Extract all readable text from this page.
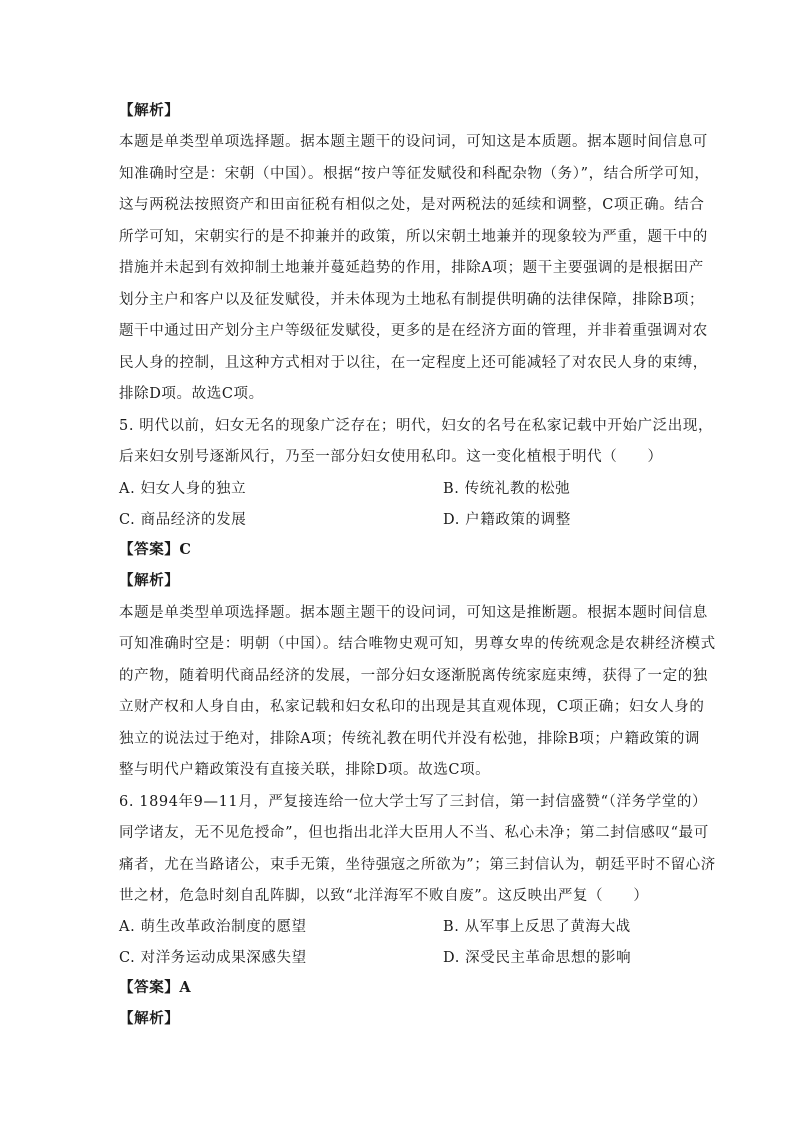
【解析】
本题是单类型单项选择题。据本题主题干的设问词，可知这是本质题。据本题时间信息可
知准确时空是：宋朝（中国）。根据“按户等征发赋役和科配杂物（务）”，结合所学可知，
这与两税法按照资产和田亩征税有相似之处，是对两税法的延续和调整，C项正确。结合
所学可知，宋朝实行的是不抑兼并的政策，所以宋朝土地兼并的现象较为严重，题干中的
措施并未起到有效抑制土地兼并蔓延趋势的作用，排除A项；题干主要强调的是根据田产
划分主户和客户以及征发赋役，并未体现为土地私有制提供明确的法律保障，排除B项；
题干中通过田产划分主户等级征发赋役，更多的是在经济方面的管理，并非着重强调对农
民人身的控制，且这种方式相对于以往，在一定程度上还可能减轻了对农民人身的束缚，
排除D项。故选C项。
5. 明代以前，妇女无名的现象广泛存在；明代，妇女的名号在私家记载中开始广泛出现，
后来妇女别号逐渐风行，乃至一部分妇女使用私印。这一变化植根于明代（　　）
A. 妇女人身的独立	B. 传统礼教的松弛
C. 商品经济的发展	D. 户籍政策的调整
【答案】C
【解析】
本题是单类型单项选择题。据本题主题干的设问词，可知这是推断题。根据本题时间信息
可知准确时空是：明朝（中国）。结合唯物史观可知，男尊女卑的传统观念是农耕经济模式
的产物，随着明代商品经济的发展，一部分妇女逐渐脱离传统家庭束缚，获得了一定的独
立财产权和人身自由，私家记载和妇女私印的出现是其直观体现，C项正确；妇女人身的
独立的说法过于绝对，排除A项；传统礼教在明代并没有松弛，排除B项；户籍政策的调
整与明代户籍政策没有直接关联，排除D项。故选C项。
6. 1894年9—11月，严复接连给一位大学士写了三封信，第一封信盛赞“（洋务学堂的）
同学诸友，无不见危授命”，但也指出北洋大臣用人不当、私心未净；第二封信感叹“最可
痛者，尤在当路诸公，束手无策，坐待强寇之所欲为”；第三封信认为，朝廷平时不留心济
世之材，危急时刻自乱阵脚，以致“北洋海军不败自废”。这反映出严复（　　）
A. 萌生改革政治制度的愿望	B. 从军事上反思了黄海大战
C. 对洋务运动成果深感失望	D. 深受民主革命思想的影响
【答案】A
【解析】
